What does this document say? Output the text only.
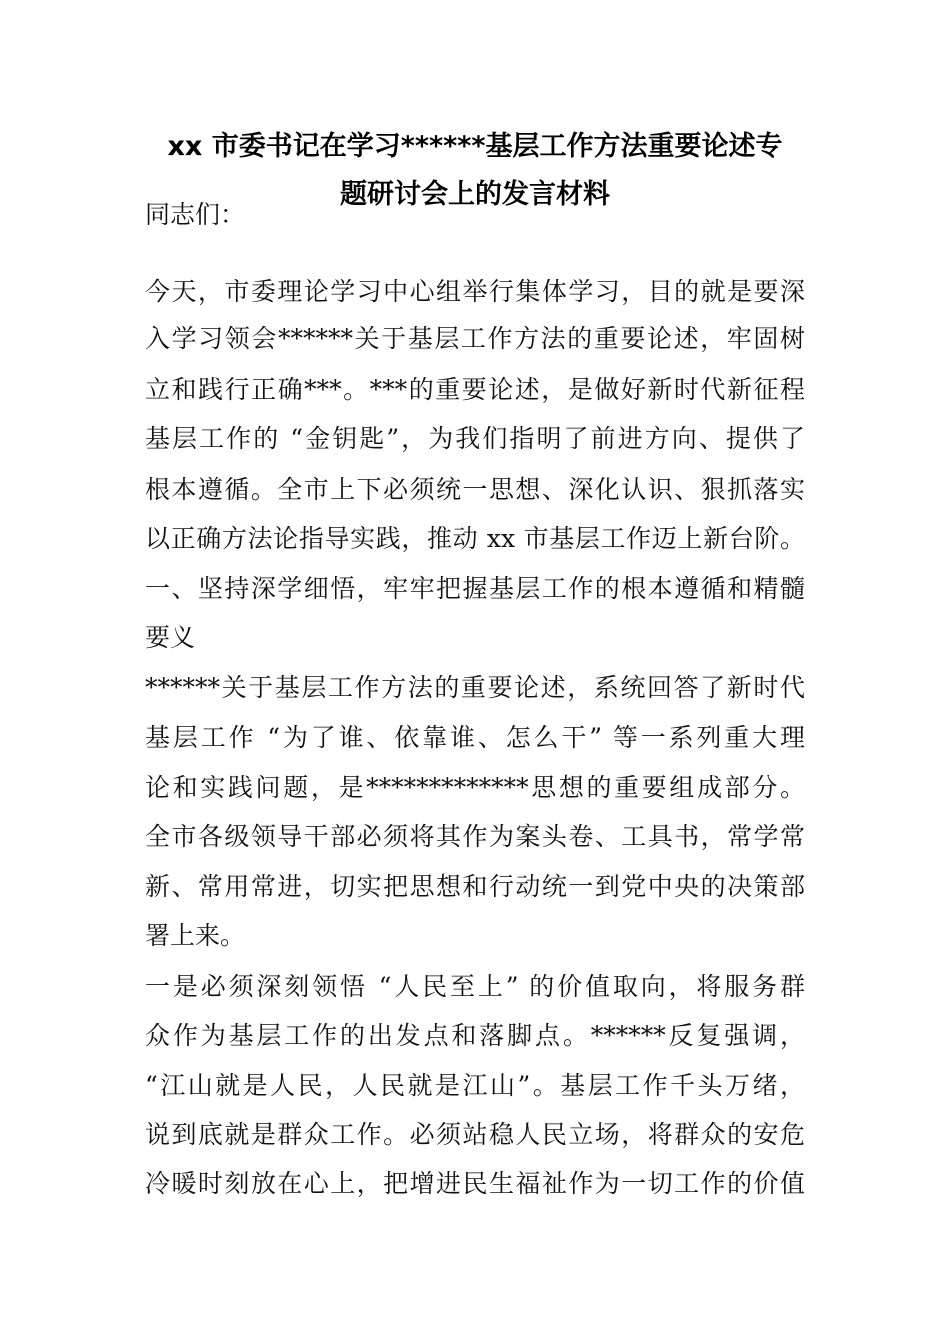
xx 市委书记在学习******基层工作方法重要论述专
题研讨会上的发言材料
同志们：
今天，市委理论学习中心组举行集体学习，目的就是要深
入学习领会******关于基层工作方法的重要论述，牢固树
立和践行正确***。***的重要论述，是做好新时代新征程
基层工作的 “金钥匙”，为我们指明了前进方向、提供了
根本遵循。全市上下必须统一思想、深化认识、狠抓落实
以正确方法论指导实践，推动 xx 市基层工作迈上新台阶。
一、坚持深学细悟，牢牢把握基层工作的根本遵循和精髓
要义
******关于基层工作方法的重要论述，系统回答了新时代
基层工作 “为了谁、依靠谁、怎么干” 等一系列重大理
论和实践问题，是*************思想的重要组成部分。
全市各级领导干部必须将其作为案头卷、工具书，常学常
新、常用常进，切实把思想和行动统一到党中央的决策部
署上来。
一是必须深刻领悟 “人民至上” 的价值取向，将服务群
众作为基层工作的出发点和落脚点。******反复强调，
“江山就是人民，人民就是江山”。基层工作千头万绪，
说到底就是群众工作。必须站稳人民立场，将群众的安危
冷暖时刻放在心上，把增进民生福祉作为一切工作的价值
